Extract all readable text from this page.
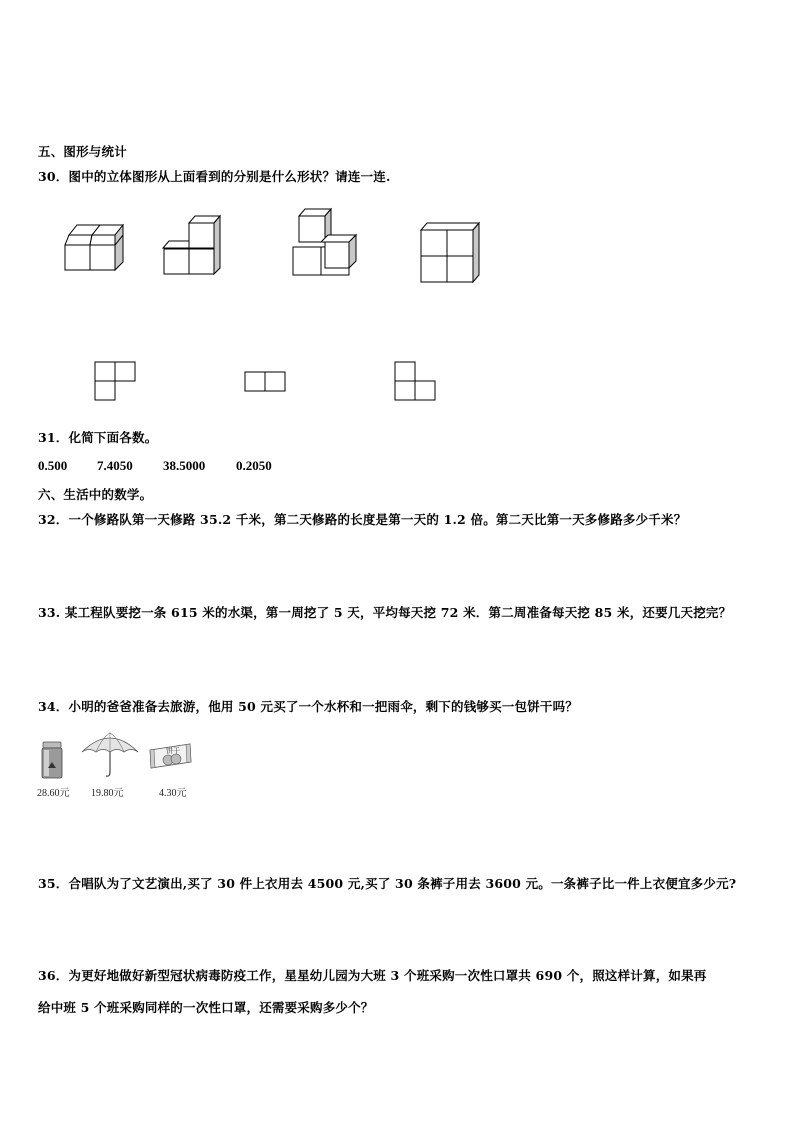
五、图形与统计
30．图中的立体图形从上面看到的分别是什么形状？请连一连.
31．化简下面各数。
0.500 7.4050 38.5000 0.2050
六、生活中的数学。
32．一个修路队第一天修路 35.2 千米，第二天修路的长度是第一天的 1.2 倍。第二天比第一天多修路多少千米？
33. 某工程队要挖一条 615 米的水渠，第一周挖了 5 天，平均每天挖 72 米．第二周准备每天挖 85 米，还要几天挖完？
34．小明的爸爸准备去旅游，他用 50 元买了一个水杯和一把雨伞，剩下的钱够买一包饼干吗？
饼干
28.60元 19.80元	4.30元
35．合唱队为了文艺演出,买了 30 件上衣用去 4500 元,买了 30 条裤子用去 3600 元。一条裤子比一件上衣便宜多少元?
36．为更好地做好新型冠状病毒防疫工作，星星幼儿园为大班 3 个班采购一次性口罩共 690 个，照这样计算，如果再
给中班 5 个班采购同样的一次性口罩，还需要采购多少个？
